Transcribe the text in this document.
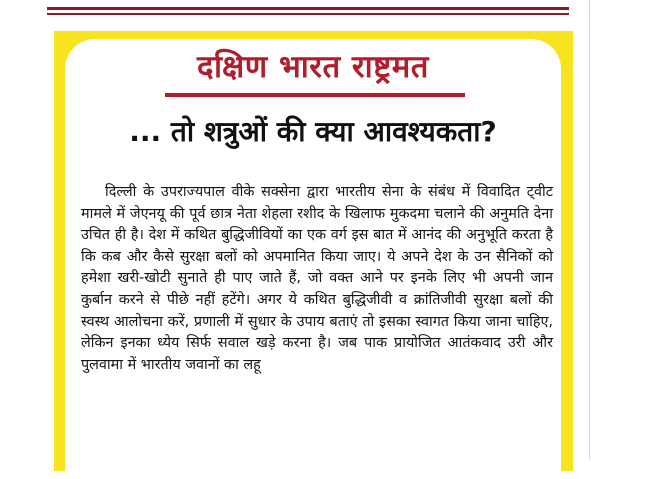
दक्षिण भारत राष्ट्रमत
... तो शत्रुओं की क्या आवश्यकता?

दिल्ली के उपराज्यपाल वीके सक्सेना द्वारा भारतीय सेना के संबंध में विवादित ट्वीट मामले में जेएनयू की पूर्व छात्र नेता शेहला रशीद के खिलाफ मुकदमा चलाने की अनुमति देना उचित ही है। देश में कथित बुद्धिजीवियों का एक वर्ग इस बात में आनंद की अनुभूति करता है कि कब और कैसे सुरक्षा बलों को अपमानित किया जाए। ये अपने देश के उन सैनिकों को हमेशा खरी-खोटी सुनाते ही पाए जाते हैं, जो वक्त आने पर इनके लिए भी अपनी जान कुर्बान करने से पीछे नहीं हटेंगे। अगर ये कथित बुद्धिजीवी व क्रांतिजीवी सुरक्षा बलों की स्वस्थ आलोचना करें, प्रणाली में सुधार के उपाय बताएं तो इसका स्वागत किया जाना चाहिए, लेकिन इनका ध्येय सिर्फ सवाल खड़े करना है। जब पाक प्रायोजित आतंकवाद उरी और पुलवामा में भारतीय जवानों का लहू
